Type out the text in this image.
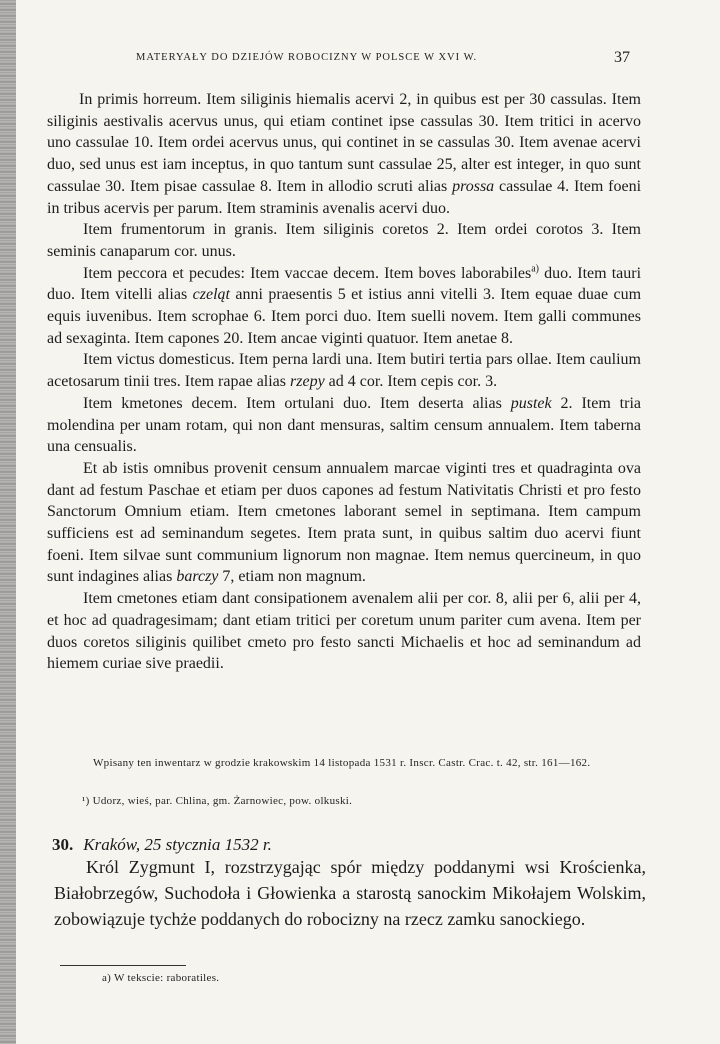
MATERYAŁY DO DZIEJÓW ROBOCIZNY W POLSCE W XVI W.	37

In primis horreum. Item siliginis hiemalis acervi 2, in quibus est per 30 cassulas. Item siliginis aestivalis acervus unus, qui etiam continet ipse cassulas 30. Item tritici in acervo uno cassulae 10. Item ordei acervus unus, qui continet in se cassulas 30. Item avenae acervi duo, sed unus est iam inceptus, in quo tantum sunt cassulae 25, alter est integer, in quo sunt cassulae 30. Item pisae cassulae 8. Item in allodio scruti alias prossa cassulae 4. Item foeni in tribus acervis per parum. Item straminis avenalis acervi duo.

Item frumentorum in granis. Item siliginis coretos 2. Item ordei corotos 3. Item seminis canaparum cor. unus.

Item peccora et pecudes: Item vaccae decem. Item boves laborabiles$^{a)}$ duo. Item tauri duo. Item vitelli alias czeląt anni praesentis 5 et istius anni vitelli 3. Item equae duae cum equis iuvenibus. Item scrophae 6. Item porci duo. Item suelli novem. Item galli communes ad sexaginta. Item capones 20. Item ancae viginti quatuor. Item anetae 8.

Item victus domesticus. Item perna lardi una. Item butiri tertia pars ollae. Item caulium acetosarum tinii tres. Item rapae alias rzepy ad 4 cor. Item cepis cor. 3.

Item kmetones decem. Item ortulani duo. Item deserta alias pustek 2. Item tria molendina per unam rotam, qui non dant mensuras, saltim censum annualem. Item taberna una censualis.

Et ab istis omnibus provenit censum annualem marcae viginti tres et quadraginta ova dant ad festum Paschae et etiam per duos capones ad festum Nativitatis Christi et pro festo Sanctorum Omnium etiam. Item cmetones laborant semel in septimana. Item campum sufficiens est ad seminandum segetes. Item prata sunt, in quibus saltim duo acervi fiunt foeni. Item silvae sunt communium lignorum non magnae. Item nemus quercineum, in quo sunt indagines alias barczy 7, etiam non magnum.

Item cmetones etiam dant consipationem avenalem alii per cor. 8, alii per 6, alii per 4, et hoc ad quadragesimam; dant etiam tritici per coretum unum pariter cum avena. Item per duos coretos siliginis quilibet cmeto pro festo sancti Michaelis et hoc ad seminandum ad hiemem curiae sive praedii.

Wpisany ten inwentarz w grodzie krakowskim 14 listopada 1531 r. Inscr. Castr. Crac. t. 42, str. 161—162.
¹) Udorz, wieś, par. Chlina, gm. Żarnowiec, pow. olkuski.
30. Kraków, 25 stycznia 1532 r.
Król Zygmunt I, rozstrzygając spór między poddanymi wsi Krościenka, Białobrzegów, Suchodoła i Głowienka a starostą sanockim Mikołajem Wolskim, zobowiązuje tychże poddanych do robocizny na rzecz zamku sanockiego.
a) W tekscie: raboratiles.
